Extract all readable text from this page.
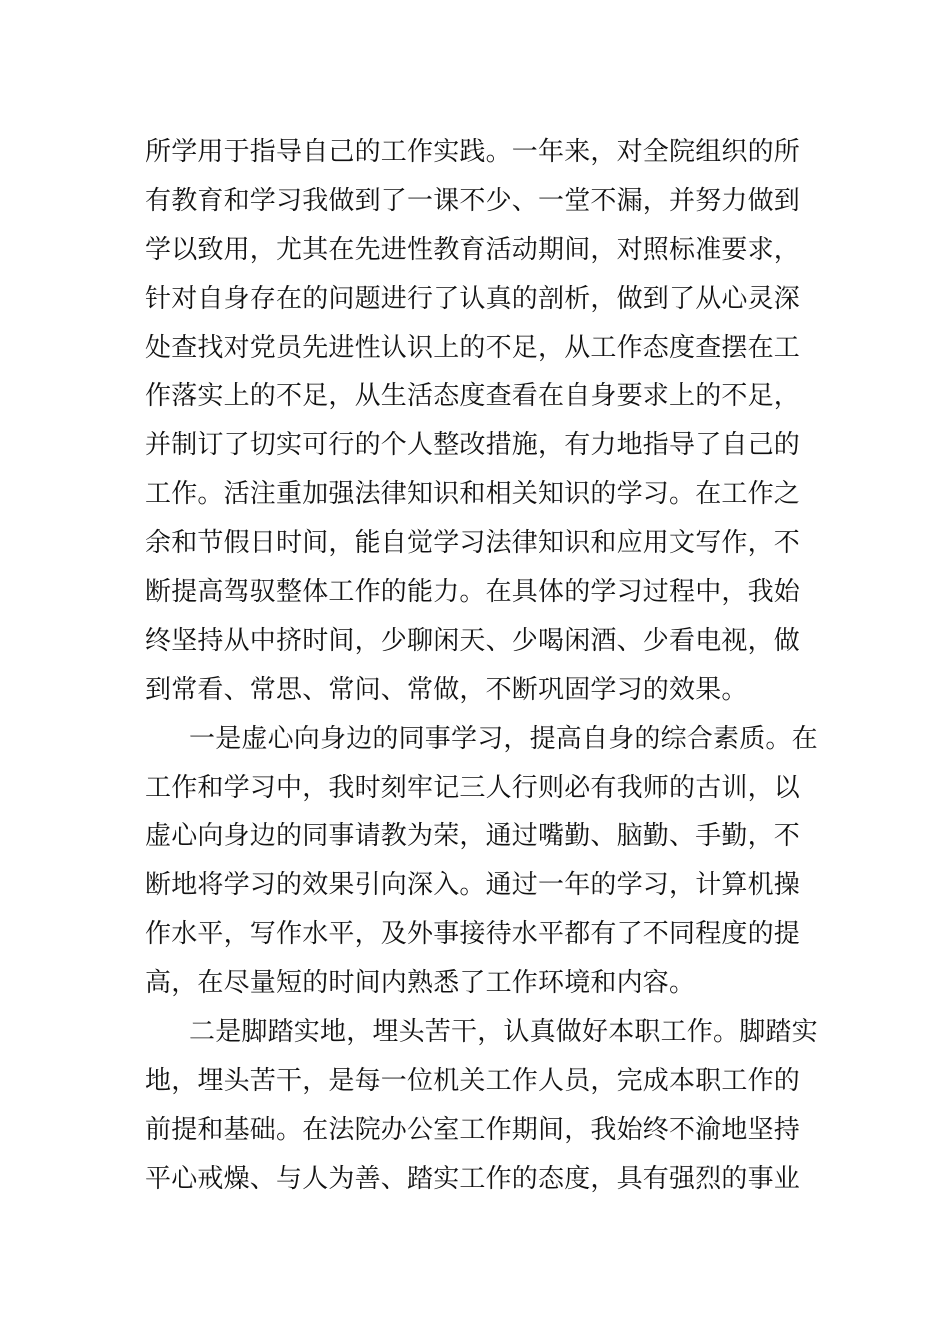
所学用于指导自己的工作实践。一年来，对全院组织的所
有教育和学习我做到了一课不少、一堂不漏，并努力做到
学以致用，尤其在先进性教育活动期间，对照标准要求，
针对自身存在的问题进行了认真的剖析，做到了从心灵深
处查找对党员先进性认识上的不足，从工作态度查摆在工
作落实上的不足，从生活态度查看在自身要求上的不足，
并制订了切实可行的个人整改措施，有力地指导了自己的
工作。活注重加强法律知识和相关知识的学习。在工作之
余和节假日时间，能自觉学习法律知识和应用文写作，不
断提高驾驭整体工作的能力。在具体的学习过程中，我始
终坚持从中挤时间，少聊闲天、少喝闲酒、少看电视，做
到常看、常思、常问、常做，不断巩固学习的效果。
一是虚心向身边的同事学习，提高自身的综合素质。在
工作和学习中，我时刻牢记三人行则必有我师的古训，以
虚心向身边的同事请教为荣，通过嘴勤、脑勤、手勤，不
断地将学习的效果引向深入。通过一年的学习，计算机操
作水平，写作水平，及外事接待水平都有了不同程度的提
高，在尽量短的时间内熟悉了工作环境和内容。
二是脚踏实地，埋头苦干，认真做好本职工作。脚踏实
地，埋头苦干，是每一位机关工作人员，完成本职工作的
前提和基础。在法院办公室工作期间，我始终不渝地坚持
平心戒燥、与人为善、踏实工作的态度，具有强烈的事业
